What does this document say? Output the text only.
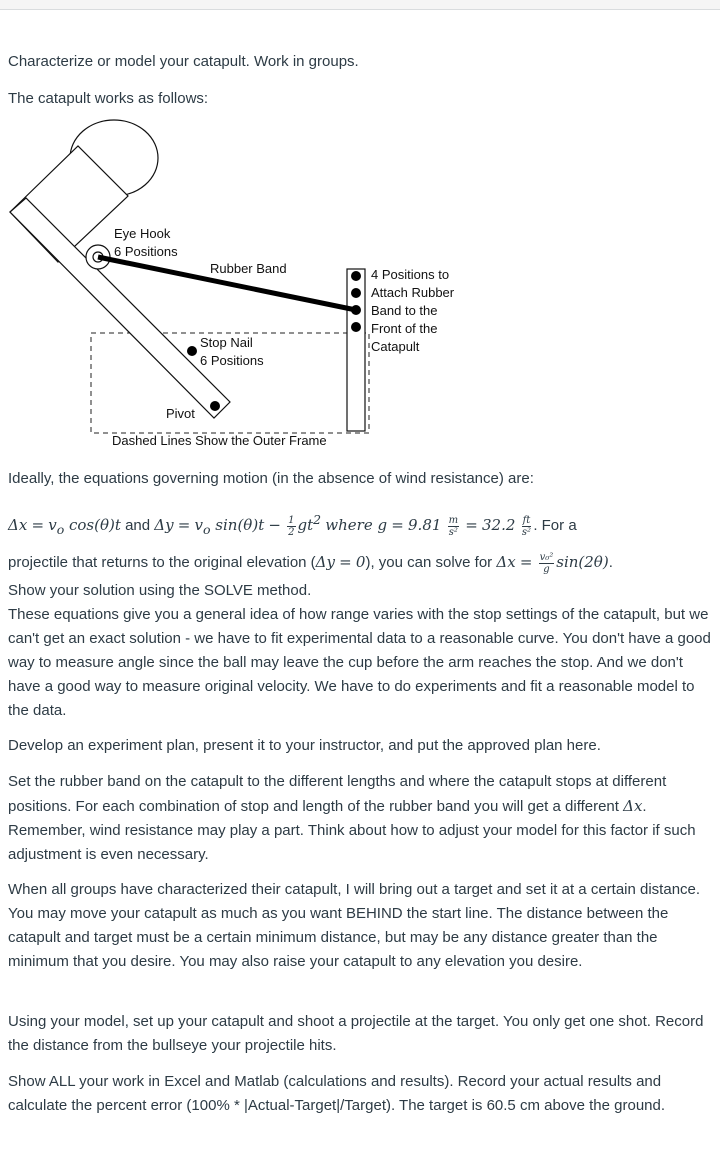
Characterize or model your catapult. Work in groups.

The catapult works as follows:

Eye Hook
6 Positions
Rubber Band	4 Positions to
Attach Rubber
Band to the
Front of the
Catapult
Stop Nail
6 Positions
Pivot
Dashed Lines Show the Outer Frame

Ideally, the equations governing motion (in the absence of wind resistance) are:

$\Delta x = v_o$ cos(θ)t and $\Delta y = v_o$ $\sin(\theta)t - \frac{1}{2} gt^2$ where $g = 9.81 \frac{m}{\text{s²}} = 32.2 \frac{ft}{\text{s²}}$ . For a
projectile that returns to the original elevation (Δy = 0), you can solve for $\Delta x = \frac{\text{v₀²}}{g} \sin(2\theta)$.

Show your solution using the SOLVE method.

These equations give you a general idea of how range varies with the stop settings of the catapult, but we can't get an exact solution - we have to fit experimental data to a reasonable curve. You don't have a good way to measure angle since the ball may leave the cup before the arm reaches the stop. And we don't have a good way to measure original velocity. We have to do experiments and fit a reasonable model to the data.

Develop an experiment plan, present it to your instructor, and put the approved plan here.

Set the rubber band on the catapult to the different lengths and where the catapult stops at different positions. For each combination of stop and length of the rubber band you will get a different Δx. Remember, wind resistance may play a part. Think about how to adjust your model for this factor if such adjustment is even necessary.

When all groups have characterized their catapult, I will bring out a target and set it at a certain distance. You may move your catapult as much as you want BEHIND the start line. The distance between the catapult and target must be a certain minimum distance, but may be any distance greater than the minimum that you desire. You may also raise your catapult to any elevation you desire.

Using your model, set up your catapult and shoot a projectile at the target. You only get one shot. Record the distance from the bullseye your projectile hits.

Show ALL your work in Excel and Matlab (calculations and results). Record your actual results and calculate the percent error (100% * |Actual-Target|/Target). The target is 60.5 cm above the ground.
